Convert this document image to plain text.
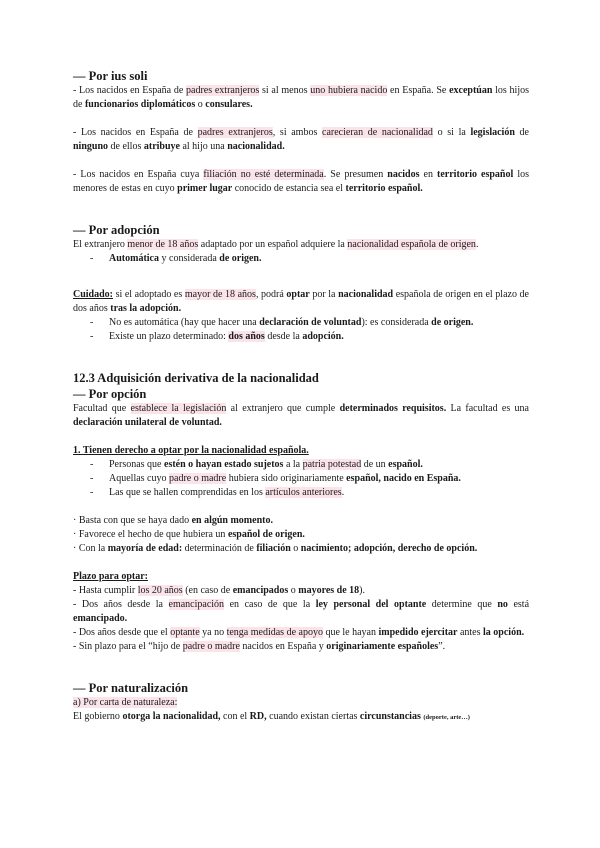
— Por ius soli

- Los nacidos en España de padres extranjeros si al menos uno hubiera nacido en España. Se exceptúan los hijos de funcionarios diplomáticos o consulares.

- Los nacidos en España de padres extranjeros, si ambos carecieran de nacionalidad o si la legislación de ninguno de ellos atribuye al hijo una nacionalidad.

- Los nacidos en España cuya filiación no esté determinada. Se presumen nacidos en territorio español los menores de estas en cuyo primer lugar conocido de estancia sea el territorio español.

— Por adopción

El extranjero menor de 18 años adaptado por un español adquiere la nacionalidad española de origen.

- Automática y considerada de origen.

Cuidado: si el adoptado es mayor de 18 años, podrá optar por la nacionalidad española de origen en el plazo de dos años tras la adopción.

- No es automática (hay que hacer una declaración de voluntad): es considerada de origen.

- Existe un plazo determinado: dos años desde la adopción.

12.3 Adquisición derivativa de la nacionalidad
— Por opción

Facultad que establece la legislación al extranjero que cumple determinados requisitos. La facultad es una declaración unilateral de voluntad.

1. Tienen derecho a optar por la nacionalidad española.

- Personas que estén o hayan estado sujetos a la patria potestad de un español.

- Aquellas cuyo padre o madre hubiera sido originariamente español, nacido en España.

- Las que se hallen comprendidas en los artículos anteriores.

· Basta con que se haya dado en algún momento.

· Favorece el hecho de que hubiera un español de origen.

· Con la mayoría de edad: determinación de filiación o nacimiento; adopción, derecho de opción.

Plazo para optar:

- Hasta cumplir los 20 años (en caso de emancipados o mayores de 18).

- Dos años desde la emancipación en caso de que la ley personal del optante determine que no está emancipado.

- Dos años desde que el optante ya no tenga medidas de apoyo que le hayan impedido ejercitar antes la opción.

- Sin plazo para el “hijo de padre o madre nacidos en España y originariamente españoles”.

— Por naturalización

a) Por carta de naturaleza:

El gobierno otorga la nacionalidad, con el RD, cuando existan ciertas circunstancias (deporte, arte…)
